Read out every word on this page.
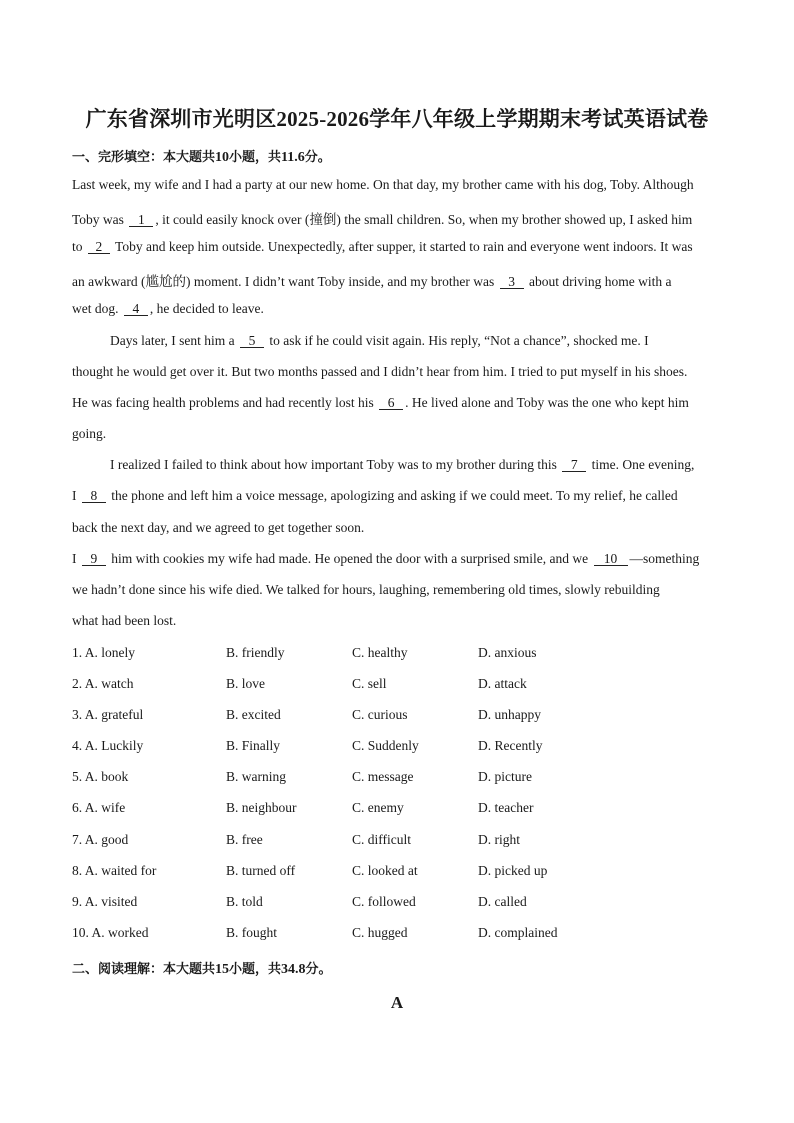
广东省深圳市光明区2025-2026学年八年级上学期期末考试英语试卷
一、完形填空：本大题共10小题，共11.6分。
Last week, my wife and I had a party at our new home. On that day, my brother came with his dog, Toby. Although
Toby was 1 , it could easily knock over (撞倒) the small children. So, when my brother showed up, I asked him
to 2 Toby and keep him outside. Unexpectedly, after supper, it started to rain and everyone went indoors. It was
an awkward (尴尬的) moment. I didn’t want Toby inside, and my brother was 3 about driving home with a
wet dog. 4 , he decided to leave.
Days later, I sent him a 5 to ask if he could visit again. His reply, “Not a chance”, shocked me. I
thought he would get over it. But two months passed and I didn’t hear from him. I tried to put myself in his shoes.
He was facing health problems and had recently lost his 6 . He lived alone and Toby was the one who kept him
going.
I realized I failed to think about how important Toby was to my brother during this 7 time. One evening,
I 8 the phone and left him a voice message, apologizing and asking if we could meet. To my relief, he called
back the next day, and we agreed to get together soon.
I 9 him with cookies my wife had made. He opened the door with a surprised smile, and we 10 —something
we hadn’t done since his wife died. We talked for hours, laughing, remembering old times, slowly rebuilding
what had been lost.
1. A. lonely	B. friendly	C. healthy	D. anxious
2. A. watch	B. love	C. sell	D. attack
3. A. grateful	B. excited	C. curious	D. unhappy
4. A. Luckily	B. Finally	C. Suddenly	D. Recently
5. A. book	B. warning	C. message	D. picture
6. A. wife	B. neighbour	C. enemy	D. teacher
7. A. good	B. free	C. difficult	D. right
8. A. waited for	B. turned off	C. looked at	D. picked up
9. A. visited	B. told	C. followed	D. called
10. A. worked	B. fought	C. hugged	D. complained
二、阅读理解：本大题共15小题，共34.8分。
A
